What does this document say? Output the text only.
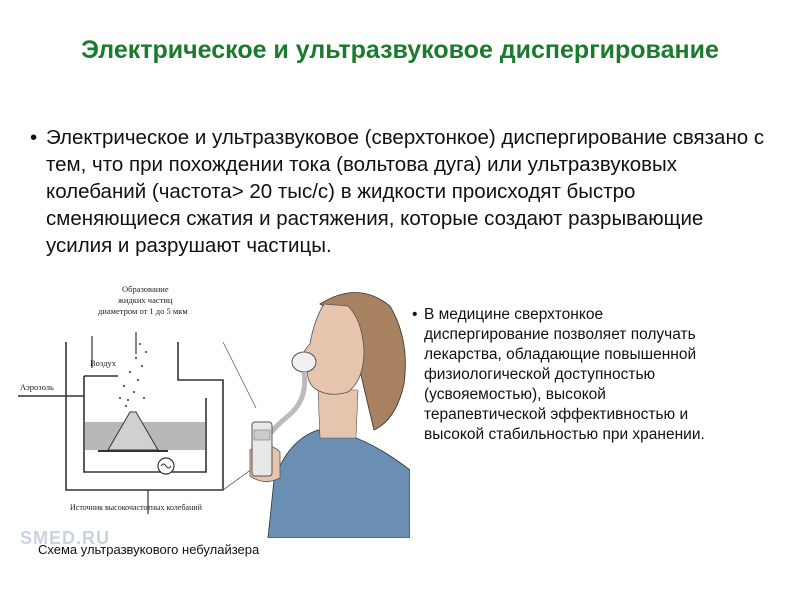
Электрическое и ультразвуковое диспергирование
• Электрическое и ультразвуковое (сверхтонкое) диспергирование связано с тем, что при похождении тока (вольтова дуга) или ультразвуковых колебаний (частота> 20 тыс/с) в жидкости происходят быстро сменяющиеся сжатия и растяжения, которые создают разрывающие усилия и разрушают частицы.
Образование
жидких частиц
диаметром от 1 до 5 мкм
Воздух
Аэрозоль
Источник высокочастотных колебаний
SMED.RU
Схема ультразвукового небулайзера
• В медицине сверхтонкое диспергирование позволяет получать лекарства, обладающие повышенной физиологической доступностью (усвояемостью), высокой терапевтической эффективностью и высокой стабильностью при хранении.
